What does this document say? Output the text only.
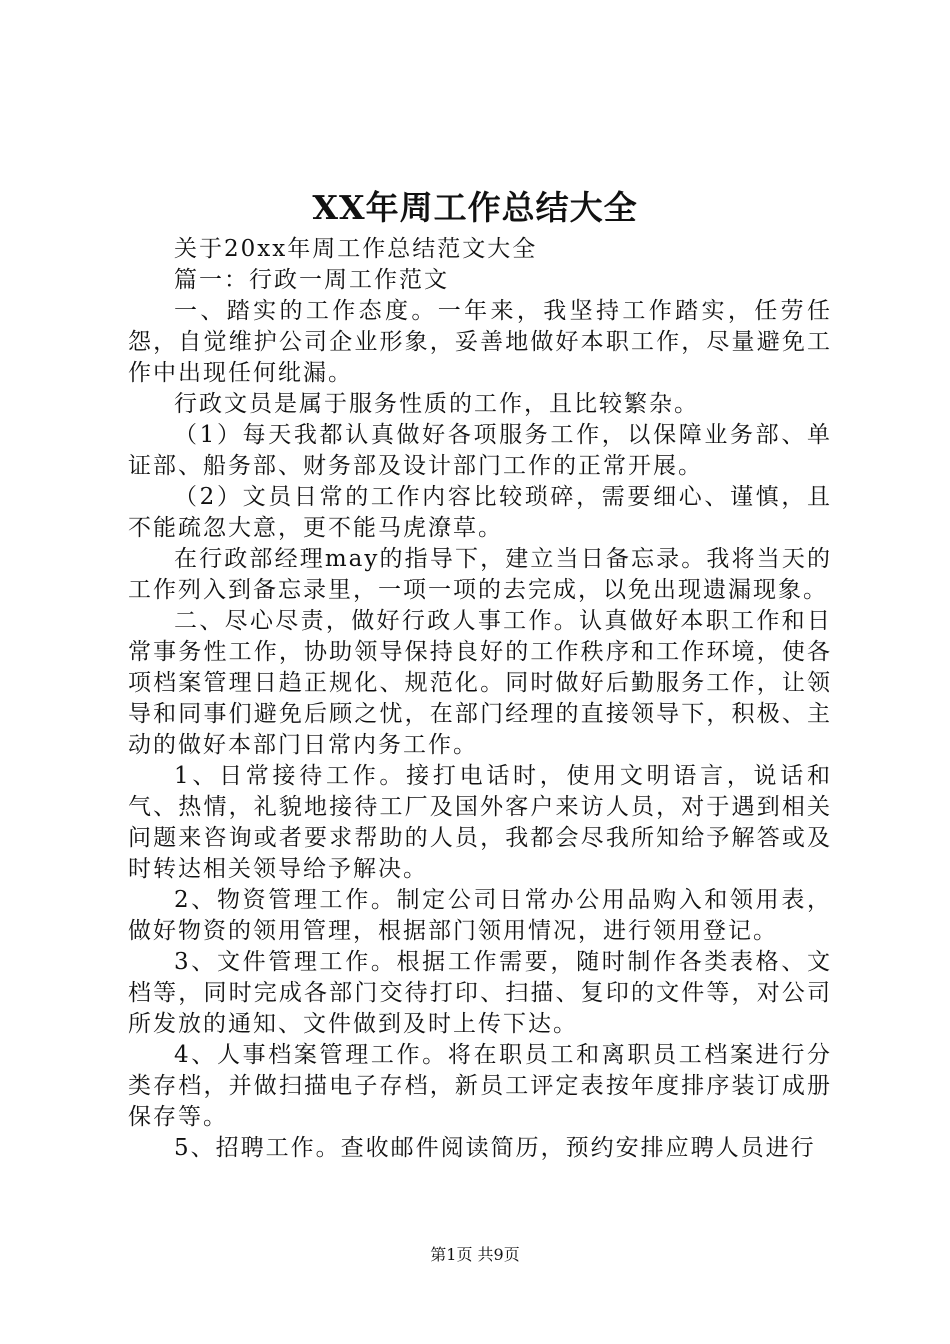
XX年周工作总结大全

关于20xx年周工作总结范文大全

篇一：行政一周工作范文

一、踏实的工作态度。一年来，我坚持工作踏实，任劳任怨，自觉维护公司企业形象，妥善地做好本职工作，尽量避免工作中出现任何纰漏。

行政文员是属于服务性质的工作，且比较繁杂。

（1）每天我都认真做好各项服务工作，以保障业务部、单证部、船务部、财务部及设计部门工作的正常开展。

（2）文员日常的工作内容比较琐碎，需要细心、谨慎，且不能疏忽大意，更不能马虎潦草。

在行政部经理may的指导下，建立当日备忘录。我将当天的工作列入到备忘录里，一项一项的去完成，以免出现遗漏现象。

二、尽心尽责，做好行政人事工作。认真做好本职工作和日常事务性工作，协助领导保持良好的工作秩序和工作环境，使各项档案管理日趋正规化、规范化。同时做好后勤服务工作，让领导和同事们避免后顾之忧，在部门经理的直接领导下，积极、主动的做好本部门日常内务工作。

1、日常接待工作。接打电话时，使用文明语言，说话和气、热情，礼貌地接待工厂及国外客户来访人员，对于遇到相关问题来咨询或者要求帮助的人员，我都会尽我所知给予解答或及时转达相关领导给予解决。

2、物资管理工作。制定公司日常办公用品购入和领用表，做好物资的领用管理，根据部门领用情况，进行领用登记。

3、文件管理工作。根据工作需要，随时制作各类表格、文档等，同时完成各部门交待打印、扫描、复印的文件等，对公司所发放的通知、文件做到及时上传下达。

4、人事档案管理工作。将在职员工和离职员工档案进行分类存档，并做扫描电子存档，新员工评定表按年度排序装订成册保存等。

5、招聘工作。查收邮件阅读简历，预约安排应聘人员进行

第1页 共9页
